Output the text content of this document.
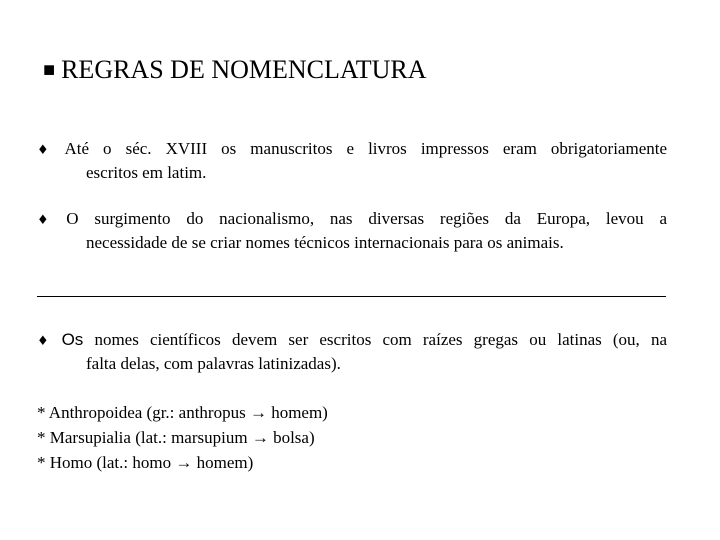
■ REGRAS DE NOMENCLATURA
♦ Até o séc. XVIII os manuscritos e livros impressos eram obrigatoriamente
escritos em latim.
♦ O surgimento do nacionalismo, nas diversas regiões da Europa, levou a
necessidade de se criar nomes técnicos internacionais para os animais.
♦ Os nomes científicos devem ser escritos com raízes gregas ou latinas (ou, na
falta delas, com palavras latinizadas).
* Anthropoidea (gr.: anthropus → homem)
* Marsupialia (lat.: marsupium → bolsa)
* Homo (lat.: homo → homem)
